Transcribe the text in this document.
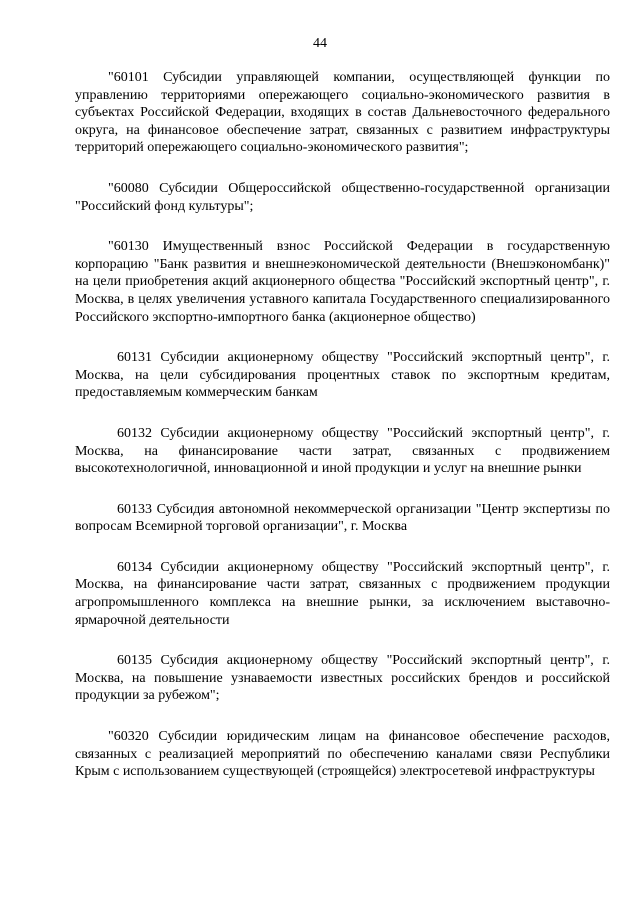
44

"60101 Субсидии управляющей компании, осуществляющей функции по управлению территориями опережающего социально-экономического развития в субъектах Российской Федерации, входящих в состав Дальневосточного федерального округа, на финансовое обеспечение затрат, связанных с развитием инфраструктуры территорий опережающего социально-экономического развития";

"60080 Субсидии Общероссийской общественно-государственной организации "Российский фонд культуры";

"60130 Имущественный взнос Российской Федерации в государственную корпорацию "Банк развития и внешнеэкономической деятельности (Внешэкономбанк)" на цели приобретения акций акционерного общества "Российский экспортный центр", г. Москва, в целях увеличения уставного капитала Государственного специализированного Российского экспортно-импортного банка (акционерное общество)

60131 Субсидии акционерному обществу "Российский экспортный центр", г. Москва, на цели субсидирования процентных ставок по экспортным кредитам, предоставляемым коммерческим банкам

60132 Субсидии акционерному обществу "Российский экспортный центр", г. Москва, на финансирование части затрат, связанных с продвижением высокотехнологичной, инновационной и иной продукции и услуг на внешние рынки

60133 Субсидия автономной некоммерческой организации "Центр экспертизы по вопросам Всемирной торговой организации", г. Москва

60134 Субсидии акционерному обществу "Российский экспортный центр", г. Москва, на финансирование части затрат, связанных с продвижением продукции агропромышленного комплекса на внешние рынки, за исключением выставочно-ярмарочной деятельности

60135 Субсидия акционерному обществу "Российский экспортный центр", г. Москва, на повышение узнаваемости известных российских брендов и российской продукции за рубежом";

"60320 Субсидии юридическим лицам на финансовое обеспечение расходов, связанных с реализацией мероприятий по обеспечению каналами связи Республики Крым с использованием существующей (строящейся) электросетевой инфраструктуры
